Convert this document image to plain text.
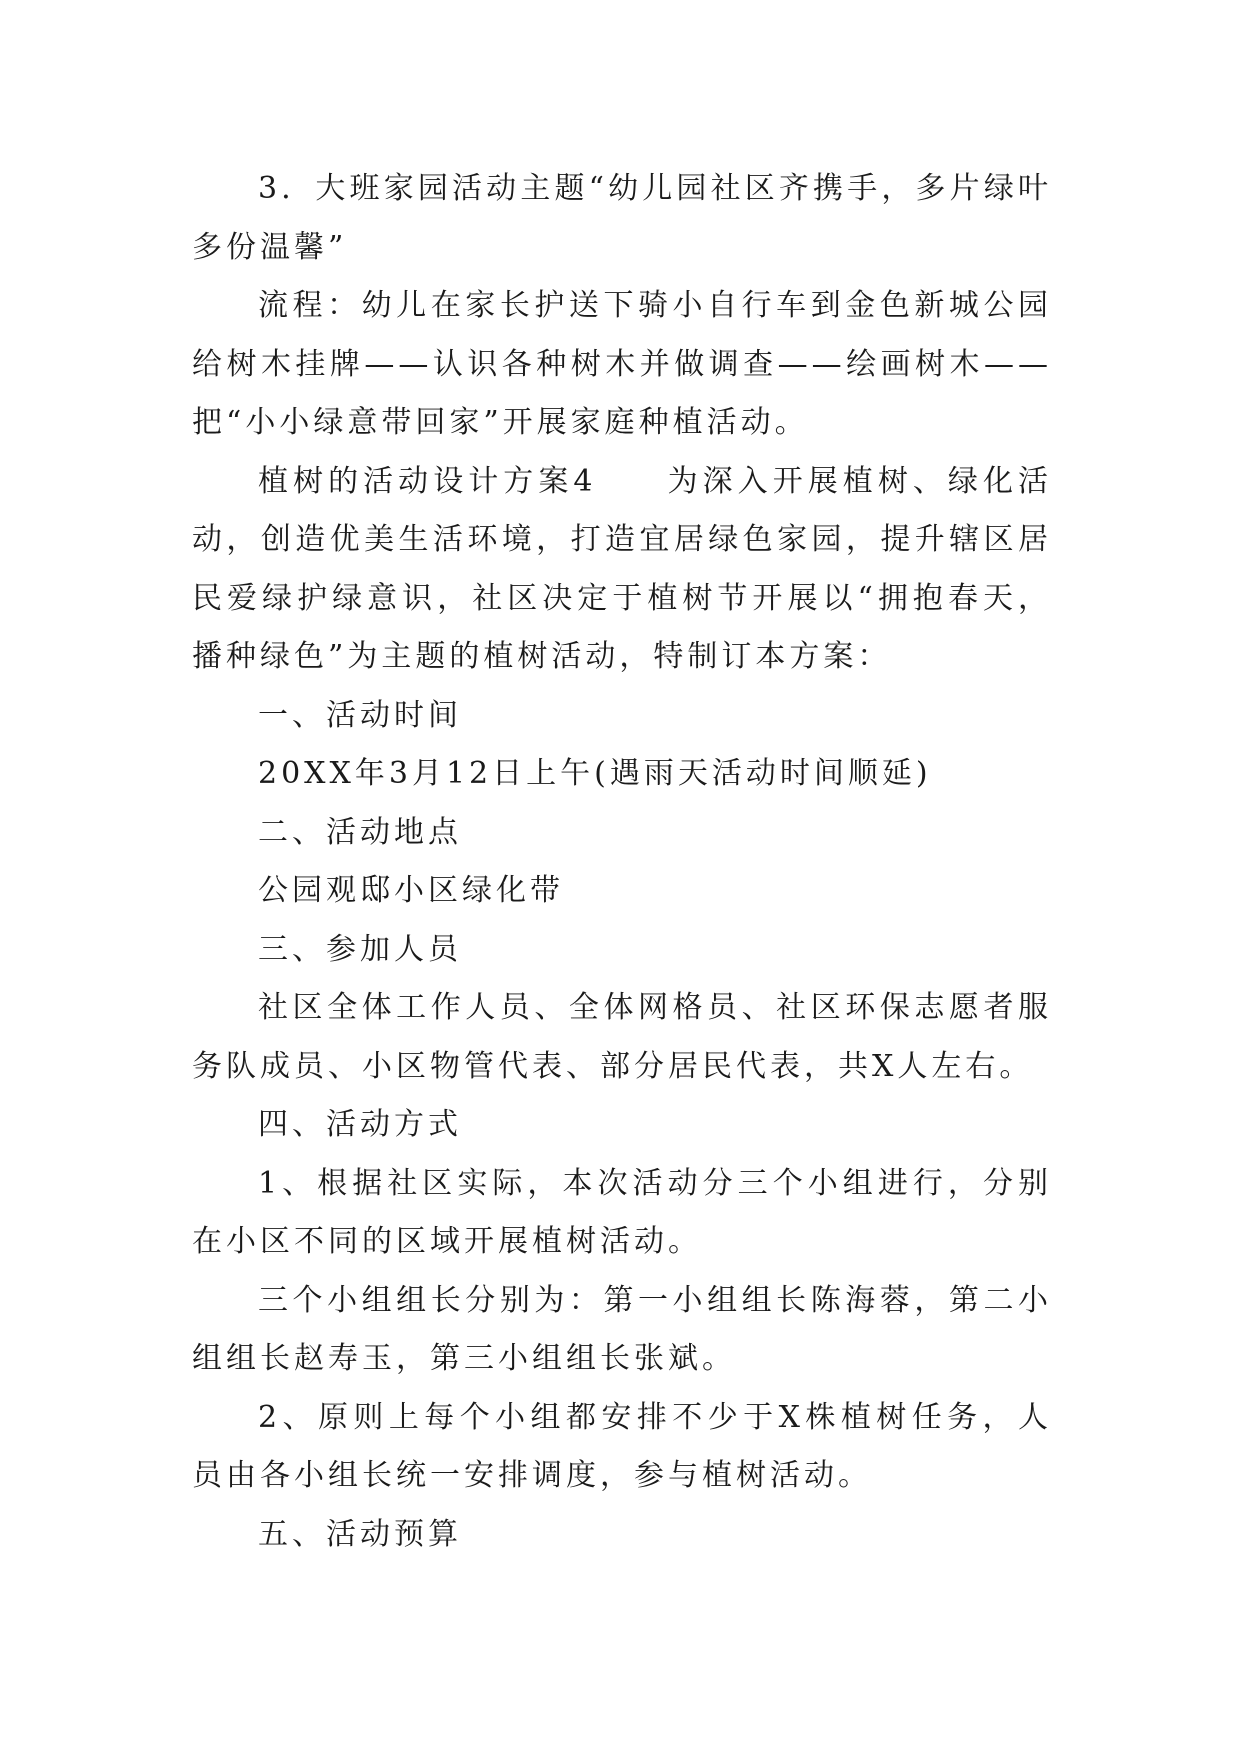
3．大班家园活动主题“幼儿园社区齐携手，多片绿叶多份温馨”

流程：幼儿在家长护送下骑小自行车到金色新城公园给树木挂牌——认识各种树木并做调查——绘画树木——把“小小绿意带回家”开展家庭种植活动。

植树的活动设计方案4　　为深入开展植树、绿化活动，创造优美生活环境，打造宜居绿色家园，提升辖区居民爱绿护绿意识，社区决定于植树节开展以“拥抱春天，播种绿色”为主题的植树活动，特制订本方案：

一、活动时间

20XX年3月12日上午(遇雨天活动时间顺延)

二、活动地点

公园观邸小区绿化带

三、参加人员

社区全体工作人员、全体网格员、社区环保志愿者服务队成员、小区物管代表、部分居民代表，共X人左右。

四、活动方式

1、根据社区实际，本次活动分三个小组进行，分别在小区不同的区域开展植树活动。

三个小组组长分别为：第一小组组长陈海蓉，第二小组组长赵寿玉，第三小组组长张斌。

2、原则上每个小组都安排不少于X株植树任务，人员由各小组长统一安排调度，参与植树活动。

五、活动预算
